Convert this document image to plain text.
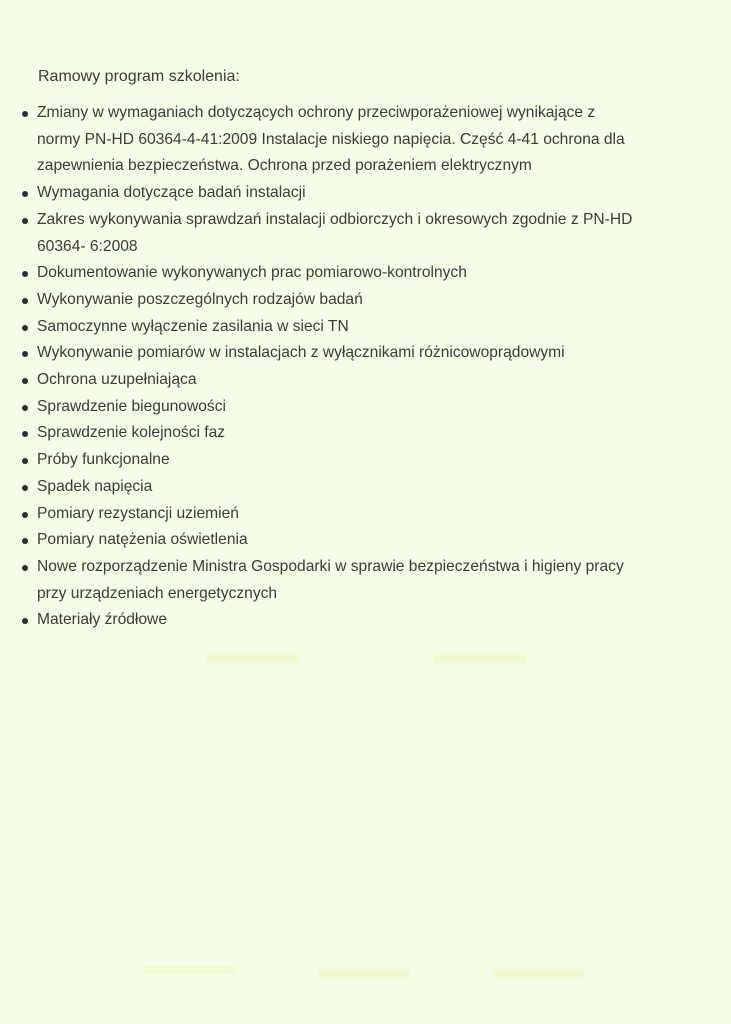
Ramowy program szkolenia:
Zmiany w wymaganiach dotyczących ochrony przeciwporażeniowej wynikające z
normy PN-HD 60364-4-41:2009 Instalacje niskiego napięcia. Część 4-41 ochrona dla
zapewnienia bezpieczeństwa. Ochrona przed porażeniem elektrycznym
Wymagania dotyczące badań instalacji
Zakres wykonywania sprawdzań instalacji odbiorczych i okresowych zgodnie z PN-HD
60364- 6:2008
Dokumentowanie wykonywanych prac pomiarowo-kontrolnych
Wykonywanie poszczególnych rodzajów badań
Samoczynne wyłączenie zasilania w sieci TN
Wykonywanie pomiarów w instalacjach z wyłącznikami różnicowoprądowymi
Ochrona uzupełniająca
Sprawdzenie biegunowości
Sprawdzenie kolejności faz
Próby funkcjonalne
Spadek napięcia
Pomiary rezystancji uziemień
Pomiary natężenia oświetlenia
Nowe rozporządzenie Ministra Gospodarki w sprawie bezpieczeństwa i higieny pracy
przy urządzeniach energetycznych
Materiały źródłowe
